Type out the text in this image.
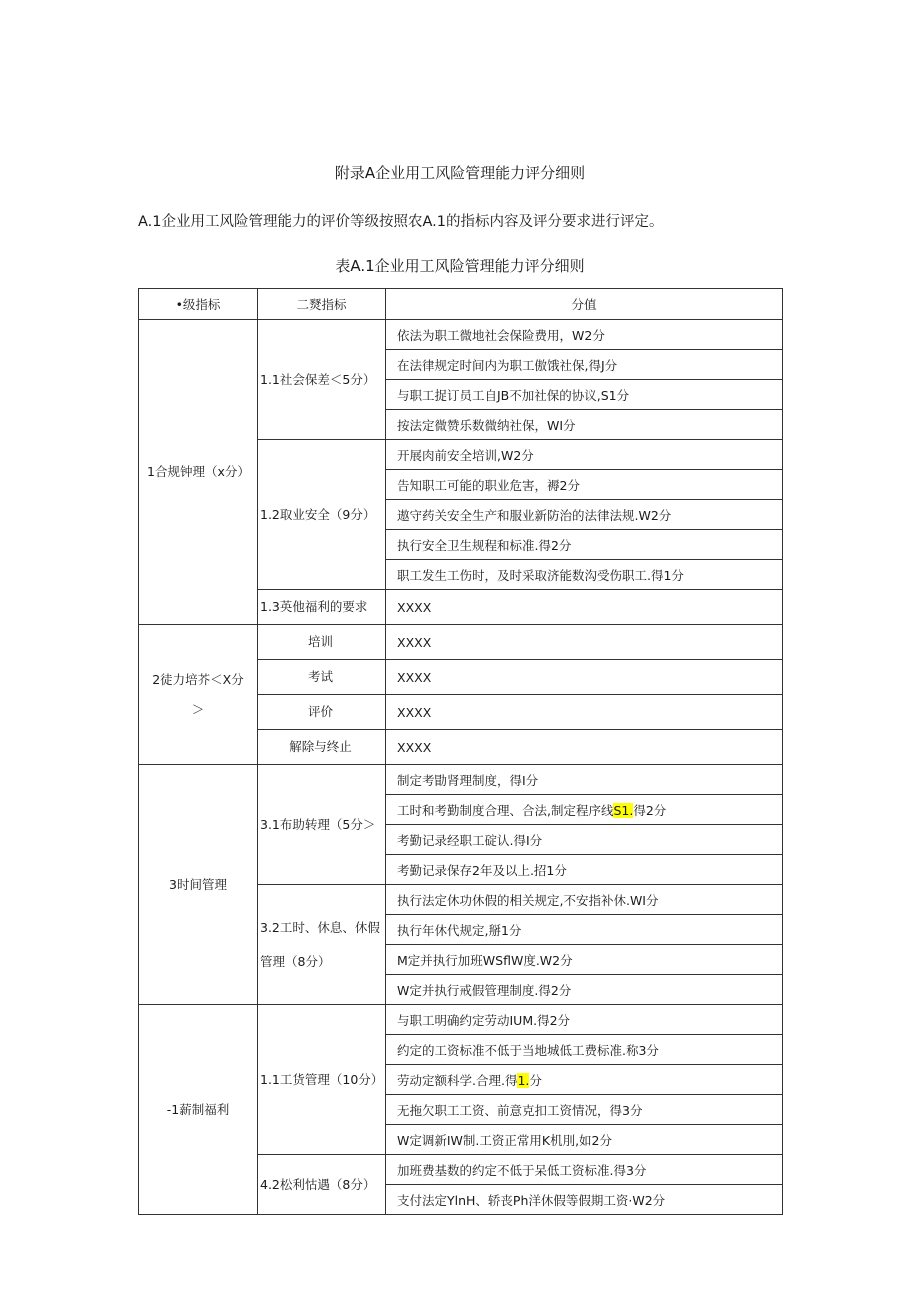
附录A企业用工风险管理能力评分细则
A.1企业用工风险管理能力的评价等级按照农A.1的指标内容及评分要求进行评定。
表A.1企业用工风险管理能力评分细则
•级指标	二燹指标	分值
1合规钟理（x分）	1.1社会保差＜5分）	依法为职工微地社会保险费用，W2分
		在法律规定时间内为职工傲饿社保,得J分
		与职工捉订员工自JB不加社保的协议,S1分
		按法定微赞乐数微纳社保，WI分
	1.2取业安全（9分）	开展肉前安全培训,W2分
		告知职工可能的职业危害，褥2分
		遨守药关安全生产和服业新防治的法律法规.W2分
		执行安全卫生规程和标准.得2分
		职工发生工伤时，及时采取济能数沟受伤职工.得1分
	1.3英他福利的要求	XXXX
2徒力培芥＜X分＞	培训	XXXX
	考试	XXXX
	评价	XXXX
	解除与终止	XXXX
3时间管理	3.1布助转理（5分＞	制定考勖肾理制度，得I分
		工时和考勤制度合理、合法,制定程序线S1.得2分
		考勤记录经职工碇认.得I分
		考勤记录保存2年及以上.招1分
	3.2工时、休息、休假管理（8分）	执行法定休功休假的相关规定,不安指补休.WI分
		执行年休代规定,掰1分
		M定并执行加班WSflW度.W2分
		W定并执行戒假管理制度.得2分
-1薪制福利	1.1工货管理（10分）	与职工明确约定劳动IUM.得2分
		约定的工资标准不低于当地城低工费标准.称3分
		劳动定额科学.合理.得1.分
		无拖欠职工工资、前意克扣工资情况，得3分
		W定调新IW制.工资正常用K机刖,如2分
	4.2松利怙遇（8分）	加班费基数的约定不低于呆低工资标准.得3分
		支付法定YlnH、轿丧Ph洋休假等假期工资·W2分
